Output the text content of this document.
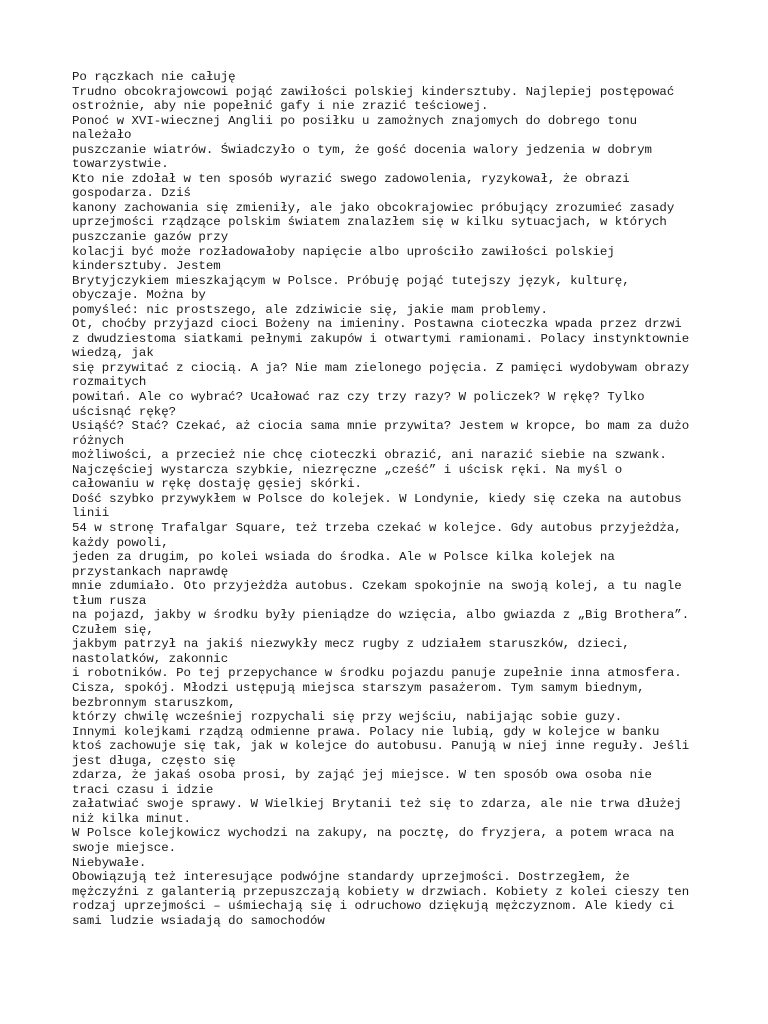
Po rączkach nie całuję
Trudno obcokrajowcowi pojąć zawiłości polskiej kindersztuby. Najlepiej postępować
ostrożnie, aby nie popełnić gafy i nie zrazić teściowej.
Ponoć w XVI-wiecznej Anglii po posiłku u zamożnych znajomych do dobrego tonu
należało
puszczanie wiatrów. Świadczyło o tym, że gość docenia walory jedzenia w dobrym
towarzystwie.
Kto nie zdołał w ten sposób wyrazić swego zadowolenia, ryzykował, że obrazi
gospodarza. Dziś
kanony zachowania się zmieniły, ale jako obcokrajowiec próbujący zrozumieć zasady
uprzejmości rządzące polskim światem znalazłem się w kilku sytuacjach, w których
puszczanie gazów przy
kolacji być może rozładowałoby napięcie albo uprościło zawiłości polskiej
kindersztuby. Jestem
Brytyjczykiem mieszkającym w Polsce. Próbuję pojąć tutejszy język, kulturę,
obyczaje. Można by
pomyśleć: nic prostszego, ale zdziwicie się, jakie mam problemy.
Ot, choćby przyjazd cioci Bożeny na imieniny. Postawna cioteczka wpada przez drzwi
z dwudziestoma siatkami pełnymi zakupów i otwartymi ramionami. Polacy instynktownie
wiedzą, jak
się przywitać z ciocią. A ja? Nie mam zielonego pojęcia. Z pamięci wydobywam obrazy
rozmaitych
powitań. Ale co wybrać? Ucałować raz czy trzy razy? W policzek? W rękę? Tylko
uścisnąć rękę?
Usiąść? Stać? Czekać, aż ciocia sama mnie przywita? Jestem w kropce, bo mam za dużo
różnych
możliwości, a przecież nie chcę cioteczki obrazić, ani narazić siebie na szwank.
Najczęściej wystarcza szybkie, niezręczne „cześć” i uścisk ręki. Na myśl o
całowaniu w rękę dostaję gęsiej skórki.
Dość szybko przywykłem w Polsce do kolejek. W Londynie, kiedy się czeka na autobus
linii
54 w stronę Trafalgar Square, też trzeba czekać w kolejce. Gdy autobus przyjeżdża,
każdy powoli,
jeden za drugim, po kolei wsiada do środka. Ale w Polsce kilka kolejek na
przystankach naprawdę
mnie zdumiało. Oto przyjeżdża autobus. Czekam spokojnie na swoją kolej, a tu nagle
tłum rusza
na pojazd, jakby w środku były pieniądze do wzięcia, albo gwiazda z „Big Brothera”.
Czułem się,
jakbym patrzył na jakiś niezwykły mecz rugby z udziałem staruszków, dzieci,
nastolatków, zakonnic
i robotników. Po tej przepychance w środku pojazdu panuje zupełnie inna atmosfera.
Cisza, spokój. Młodzi ustępują miejsca starszym pasażerom. Tym samym biednym,
bezbronnym staruszkom,
którzy chwilę wcześniej rozpychali się przy wejściu, nabijając sobie guzy.
Innymi kolejkami rządzą odmienne prawa. Polacy nie lubią, gdy w kolejce w banku
ktoś zachowuje się tak, jak w kolejce do autobusu. Panują w niej inne reguły. Jeśli
jest długa, często się
zdarza, że jakaś osoba prosi, by zająć jej miejsce. W ten sposób owa osoba nie
traci czasu i idzie
załatwiać swoje sprawy. W Wielkiej Brytanii też się to zdarza, ale nie trwa dłużej
niż kilka minut.
W Polsce kolejkowicz wychodzi na zakupy, na pocztę, do fryzjera, a potem wraca na
swoje miejsce.
Niebywałe.
Obowiązują też interesujące podwójne standardy uprzejmości. Dostrzegłem, że
mężczyźni z galanterią przepuszczają kobiety w drzwiach. Kobiety z kolei cieszy ten
rodzaj uprzejmości – uśmiechają się i odruchowo dziękują mężczyznom. Ale kiedy ci
sami ludzie wsiadają do samochodów
